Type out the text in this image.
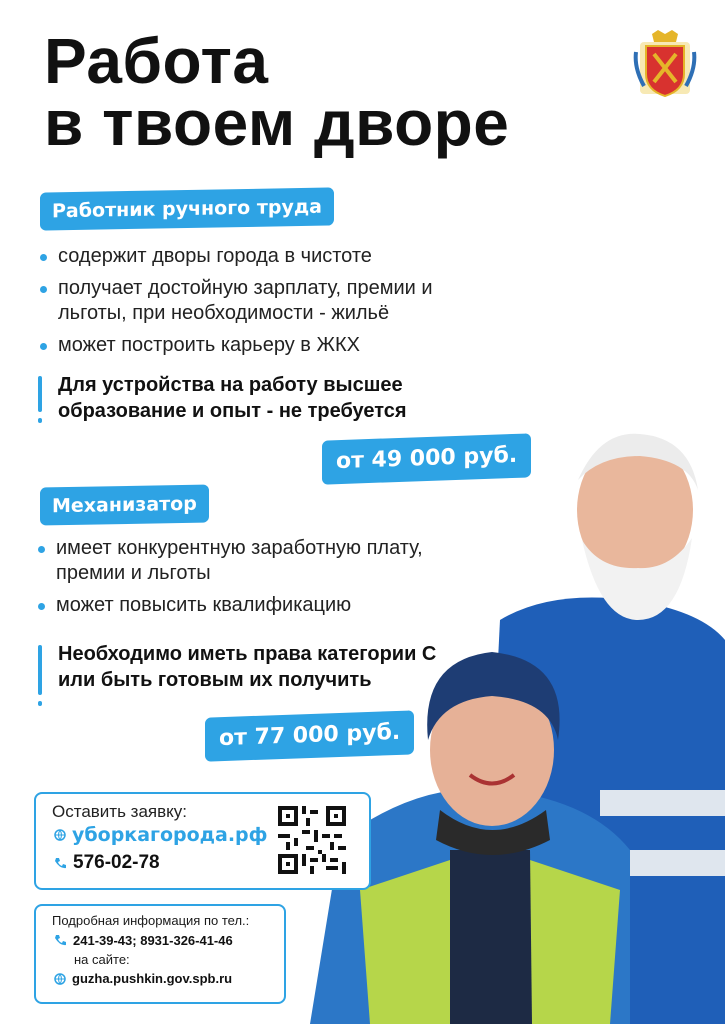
Работа
в твоем дворе
Работник ручного труда
содержит дворы города в чистоте
получает достойную зарплату, премии и льготы, при необходимости - жильё
может построить карьеру в ЖКХ
Для устройства на работу высшее образование и опыт - не требуется
от 49 000 руб.
Механизатор
имеет конкурентную заработную плату, премии и льготы
может повысить квалификацию
Необходимо иметь права категории С или быть готовым их получить
Оставить заявку:
уборкагорода.рф
576-02-78
Подробная информация по тел.:
241-39-43; 8931-326-41-46
на сайте:
guzha.pushkin.gov.spb.ru
от 77 000 руб.
